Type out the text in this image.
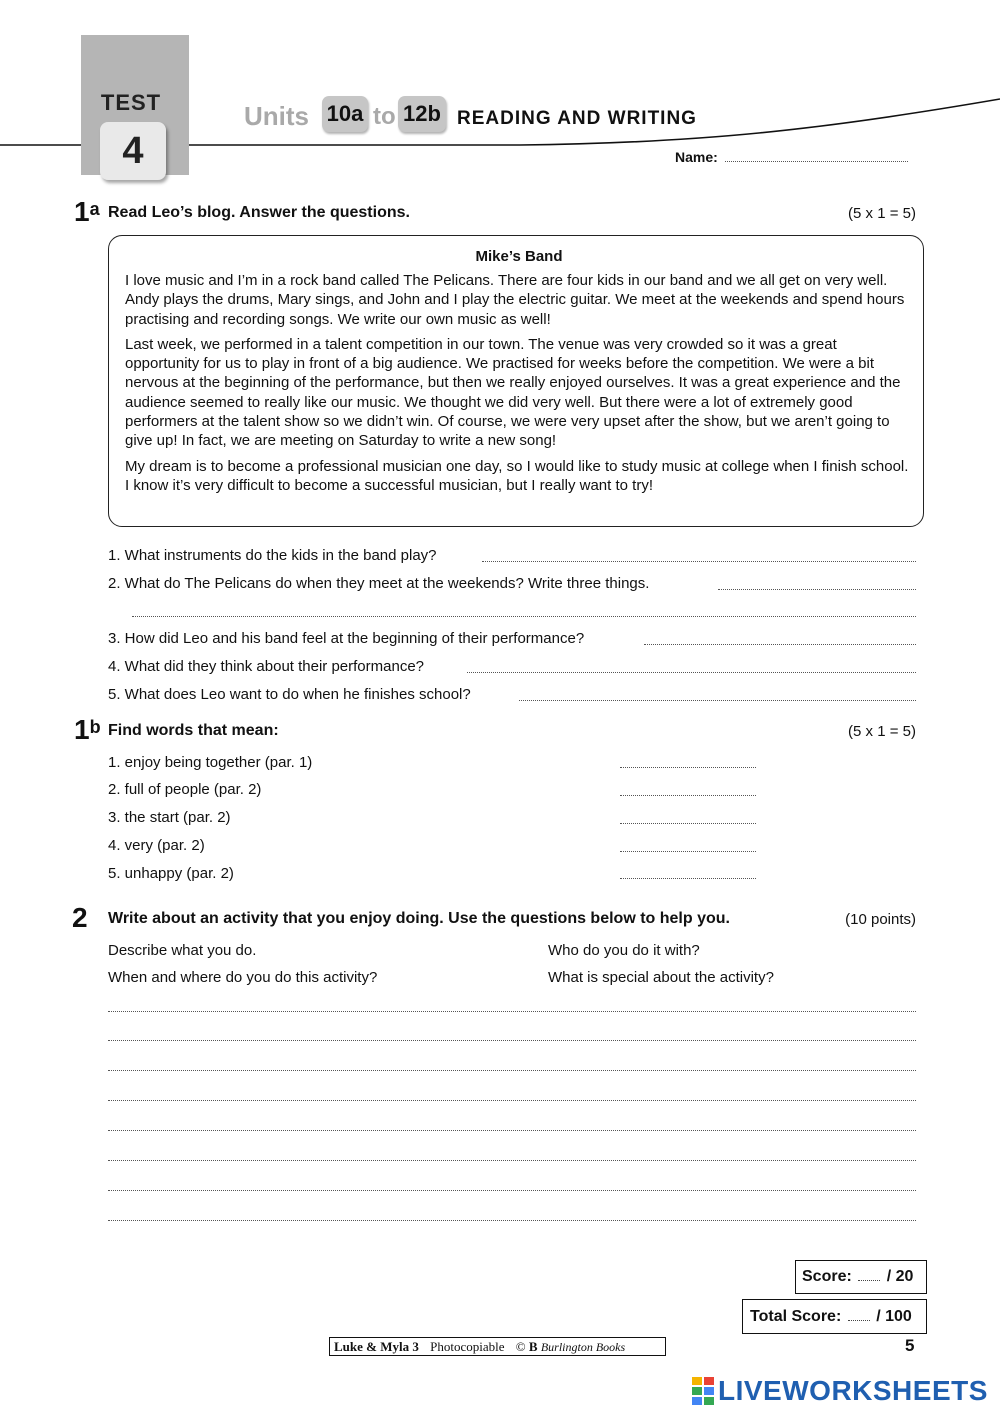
TEST
4
Units 10a to 12b READING AND WRITING
Name:
1$^a$ Read Leo’s blog. Answer the questions.	(5 x 1 = 5)
Mike’s Band

I love music and I’m in a rock band called The Pelicans. There are four kids in our band and we all get on very well. Andy plays the drums, Mary sings, and John and I play the electric guitar. We meet at the weekends and spend hours practising and recording songs. We write our own music as well!

Last week, we performed in a talent competition in our town. The venue was very crowded so it was a great opportunity for us to play in front of a big audience. We practised for weeks before the competition. We were a bit nervous at the beginning of the performance, but then we really enjoyed ourselves. It was a great experience and the audience seemed to really like our music. We thought we did very well. But there were a lot of extremely good performers at the talent show so we didn’t win. Of course, we were very upset after the show, but we aren’t going to give up! In fact, we are meeting on Saturday to write a new song!

My dream is to become a professional musician one day, so I would like to study music at college when I finish school. I know it’s very difficult to become a successful musician, but I really want to try!

1. What instruments do the kids in the band play?
2. What do The Pelicans do when they meet at the weekends? Write three things.
3. How did Leo and his band feel at the beginning of their performance?
4. What did they think about their performance?
5. What does Leo want to do when he finishes school?
1$^b$ Find words that mean:	(5 x 1 = 5)
1. enjoy being together (par. 1)
2. full of people (par. 2)
3. the start (par. 2)
4. very (par. 2)
5. unhappy (par. 2)
2 Write about an activity that you enjoy doing. Use the questions below to help you.	(10 points)
Describe what you do.	Who do you do it with?
When and where do you do this activity?	What is special about the activity?
Score: / 20
Total Score: / 100
Luke & Myla 3 Photocopiable © B Burlington Books	5
LIVEWORKSHEETS
